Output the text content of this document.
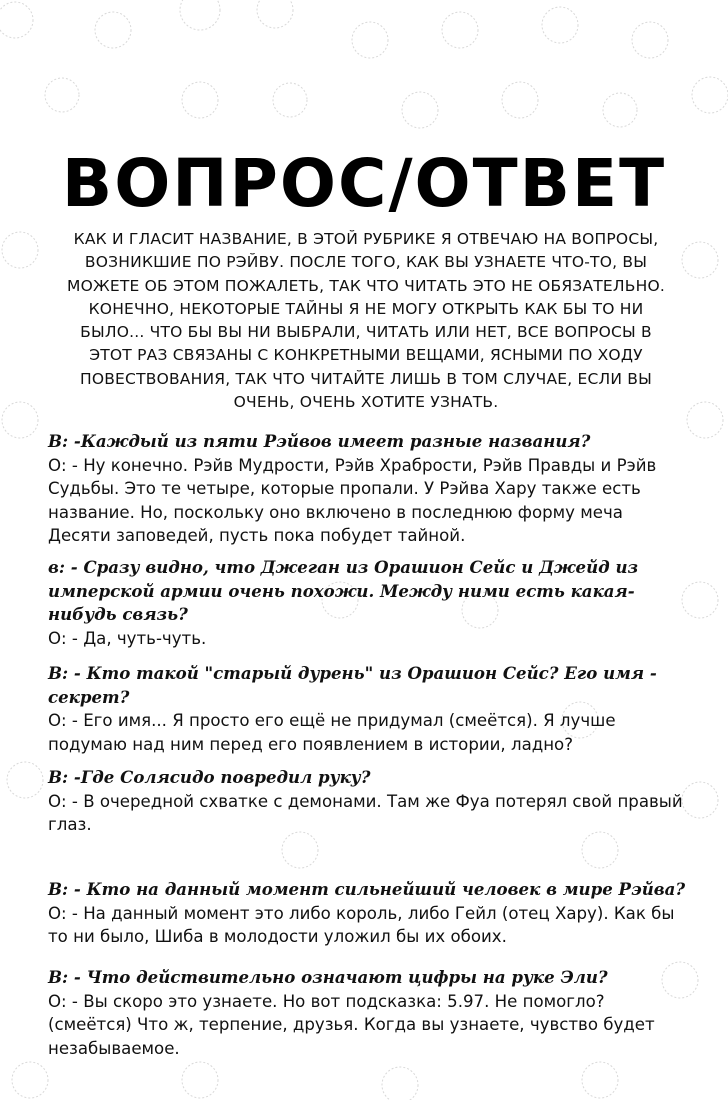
ВОПРОС/ОТВЕТ
КАК И ГЛАСИТ НАЗВАНИЕ, В ЭТОЙ РУБРИКЕ Я ОТВЕЧАЮ НА ВОПРОСЫ, ВОЗНИКШИЕ ПО РЭЙВУ. ПОСЛЕ ТОГО, КАК ВЫ УЗНАЕТЕ ЧТО-ТО, ВЫ МОЖЕТЕ ОБ ЭТОМ ПОЖАЛЕТЬ, ТАК ЧТО ЧИТАТЬ ЭТО НЕ ОБЯЗАТЕЛЬНО. КОНЕЧНО, НЕКОТОРЫЕ ТАЙНЫ Я НЕ МОГУ ОТКРЫТЬ КАК БЫ ТО НИ БЫЛО... ЧТО БЫ ВЫ НИ ВЫБРАЛИ, ЧИТАТЬ ИЛИ НЕТ, ВСЕ ВОПРОСЫ В ЭТОТ РАЗ СВЯЗАНЫ С КОНКРЕТНЫМИ ВЕЩАМИ, ЯСНЫМИ ПО ХОДУ ПОВЕСТВОВАНИЯ, ТАК ЧТО ЧИТАЙТЕ ЛИШЬ В ТОМ СЛУЧАЕ, ЕСЛИ ВЫ ОЧЕНЬ, ОЧЕНЬ ХОТИТЕ УЗНАТЬ.
В: -Каждый из пяти Рэйвов имеет разные названия?
О: - Ну конечно. Рэйв Мудрости, Рэйв Храбрости, Рэйв Правды и Рэйв Судьбы. Это те четыре, которые пропали. У Рэйва Хару также есть название. Но, поскольку оно включено в последнюю форму меча Десяти заповедей, пусть пока побудет тайной.
в: - Сразу видно, что Джеган из Орашион Сейс и Джейд из имперской армии очень похожи. Между ними есть какая-нибудь связь?
О: - Да, чуть-чуть.
В: - Кто такой "старый дурень" из Орашион Сейс? Его имя - секрет?
О: - Его имя... Я просто его ещё не придумал (смеётся). Я лучше подумаю над ним перед его появлением в истории, ладно?
В: -Где Солясидо повредил руку?
О: - В очередной схватке с демонами. Там же Фуа потерял свой правый глаз.
В: - Кто на данный момент сильнейший человек в мире Рэйва?
О: - На данный момент это либо король, либо Гейл (отец Хару). Как бы то ни было, Шиба в молодости уложил бы их обоих.
В: - Что действительно означают цифры на руке Эли?
О: - Вы скоро это узнаете. Но вот подсказка: 5.97. Не помогло? (смеётся) Что ж, терпение, друзья. Когда вы узнаете, чувство будет незабываемое.
